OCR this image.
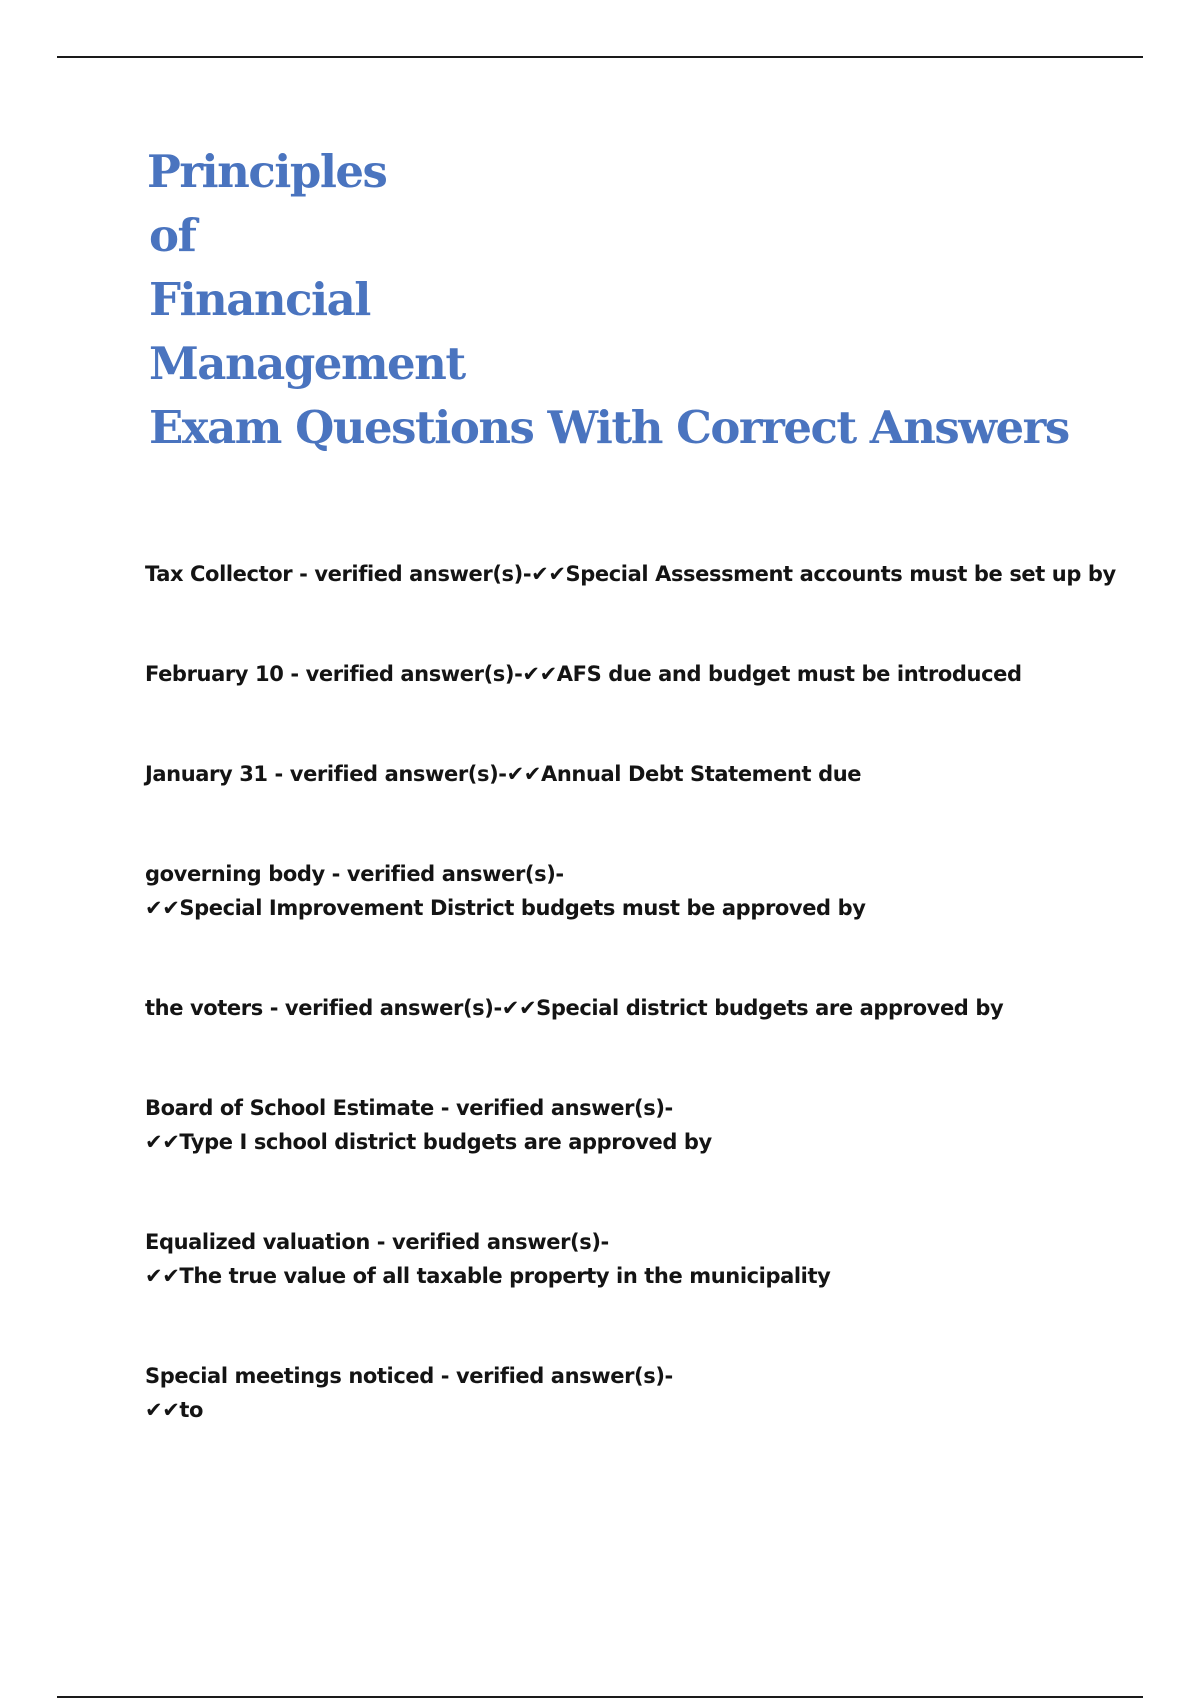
Principles
of
Financial
Management
Exam Questions With Correct Answers
Tax Collector - verified answer(s)-✔✔Special Assessment accounts must be set up by
February 10 - verified answer(s)-✔✔AFS due and budget must be introduced
January 31 - verified answer(s)-✔✔Annual Debt Statement due
governing body - verified answer(s)-
✔✔Special Improvement District budgets must be approved by
the voters - verified answer(s)-✔✔Special district budgets are approved by
Board of School Estimate - verified answer(s)-
✔✔Type I school district budgets are approved by
Equalized valuation - verified answer(s)-
✔✔The true value of all taxable property in the municipality
Special meetings noticed - verified answer(s)-
✔✔to
